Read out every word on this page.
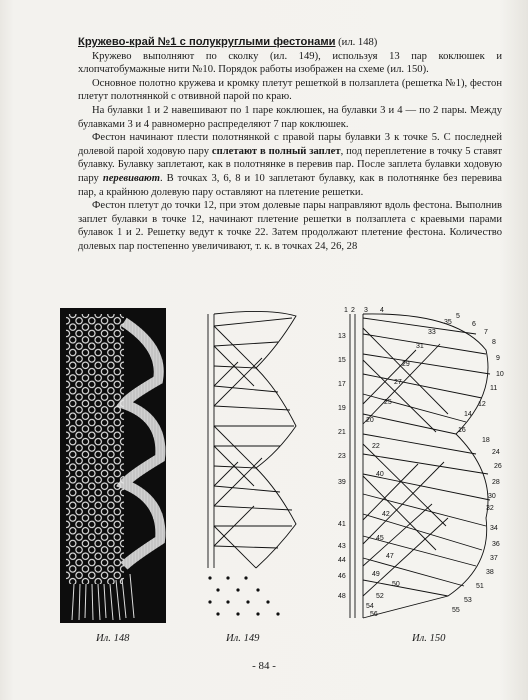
Кружево-край №1 с полукруглыми фестонами (ил. 148)

Кружево выполняют по сколку (ил. 149), используя 13 пар коклюшек и хлопчатобумажные нити №10. Порядок работы изображен на схеме (ил. 150).

Основное полотно кружева и кромку плетут решеткой в ползаплета (решетка №1), фестон плетут полотнянкой с отвивной парой по краю.

На булавки 1 и 2 навешивают по 1 паре коклюшек, на булавки 3 и 4 — по 2 пары. Между булавками 3 и 4 равномерно распределяют 7 пар коклюшек.

Фестон начинают плести полотнянкой с правой пары булавки 3 к точке 5. С последней долевой парой ходовую пару сплетают в полный заплет, под переплетение в точку 5 ставят булавку. Булавку заплетают, как в полотнянке в перевив пар. После заплета булавки ходовую пару перевивают. В точках 3, 6, 8 и 10 заплетают булавку, как в полотнянке без перевива пар, а крайнюю долевую пару оставляют на плетение решетки.

Фестон плетут до точки 12, при этом долевые пары направляют вдоль фестона. Выполнив заплет булавки в точке 12, начинают плетение решетки в ползаплета с краевыми парами булавок 1 и 2. Решетку ведут к точке 22. Затем продолжают плетение фестона. Количество долевых пар постепенно увеличивают, т. к. в точках 24, 26, 28

1 2 3 4
13
15
17
19
21
23
39
41
43
44
46
48
20
22
25
27
29
31
33
35
40
42
45
47
49
50
52
54
56
5
6
7
8
9
10
11
12
14
16
18
24
26
28
30
32
34
36
37
38
51
53
55
Ил. 148	Ил. 149	Ил. 150
- 84 -
